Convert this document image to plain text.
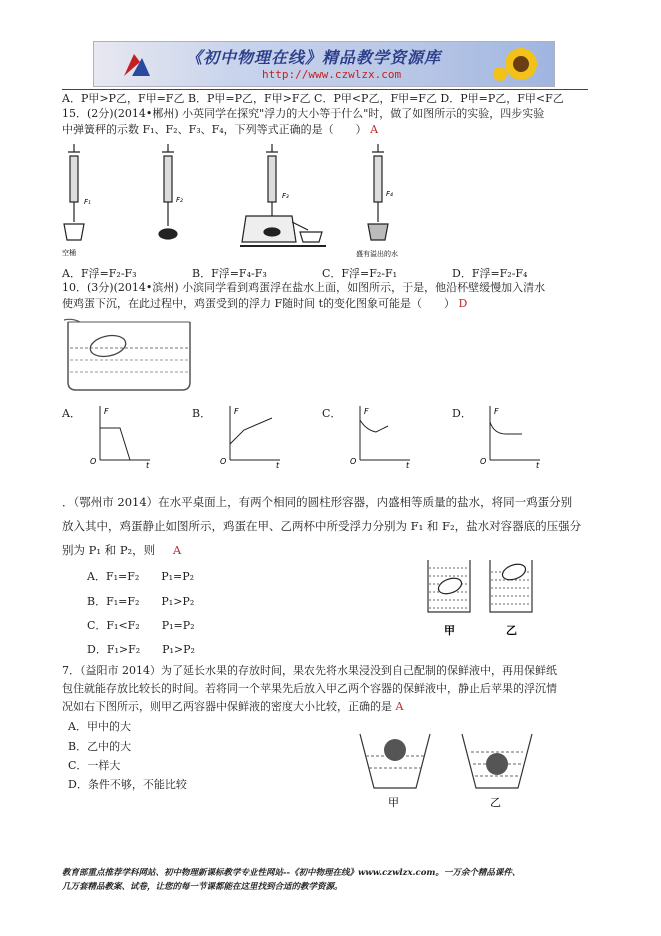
《初中物理在线》精品教学资源库
http://www.czwlzx.com
A．P甲>P乙，F甲=F乙 B．P甲=P乙，F甲>F乙 C．P甲<P乙，F甲=F乙 D．P甲=P乙，F甲<F乙
15．(2分)(2014•郴州) 小英同学在探究"浮力的大小等于什么"时，做了如图所示的实验，四步实验
中弹簧秤的示数 F₁、F₂、F₃、F₄，下列等式正确的是（　　） A
F₁	F₂	F₃	F₄
空桶	盛有溢出的水
A．F浮=F₂-F₃	B．F浮=F₄-F₃	C．F浮=F₂-F₁	D．F浮=F₂-F₄
10．(3分)(2014•滨州) 小滨同学看到鸡蛋浮在盐水上面，如图所示，于是，他沿杯壁缓慢加入清水
使鸡蛋下沉，在此过程中，鸡蛋受到的浮力 F随时间 t的变化图象可能是（　　） D
A．	B．	C．	D．
F
O	t
F
O	t
F
O	t
F
O	t
．（鄂州市 2014）在水平桌面上，有两个相同的圆柱形容器，内盛相等质量的盐水，将同一鸡蛋分别
放入其中，鸡蛋静止如图所示，鸡蛋在甲、乙两杯中所受浮力分别为 F₁ 和 F₂，盐水对容器底的压强分
别为 P₁ 和 P₂，则 A
A．F₁=F₂　　P₁=P₂
B．F₁=F₂　　P₁>P₂
C．F₁<F₂　　P₁=P₂
D．F₁>F₂　　P₁>P₂
甲	乙
7．（益阳市 2014）为了延长水果的存放时间，果农先将水果浸没到自己配制的保鲜液中，再用保鲜纸
包住就能存放比较长的时间。若将同一个苹果先后放入甲乙两个容器的保鲜液中，静止后苹果的浮沉情
况如右下图所示，则甲乙两容器中保鲜液的密度大小比较，正确的是 A
A．甲中的大
B．乙中的大
C．一样大
D．条件不够，不能比较
甲	乙
教育部重点推荐学科网站、初中物理新课标教学专业性网站--《初中物理在线》www.czwlzx.com。一万余个精品课件、
几万套精品教案、试卷，让您的每一节课都能在这里找到合适的教学资源。
